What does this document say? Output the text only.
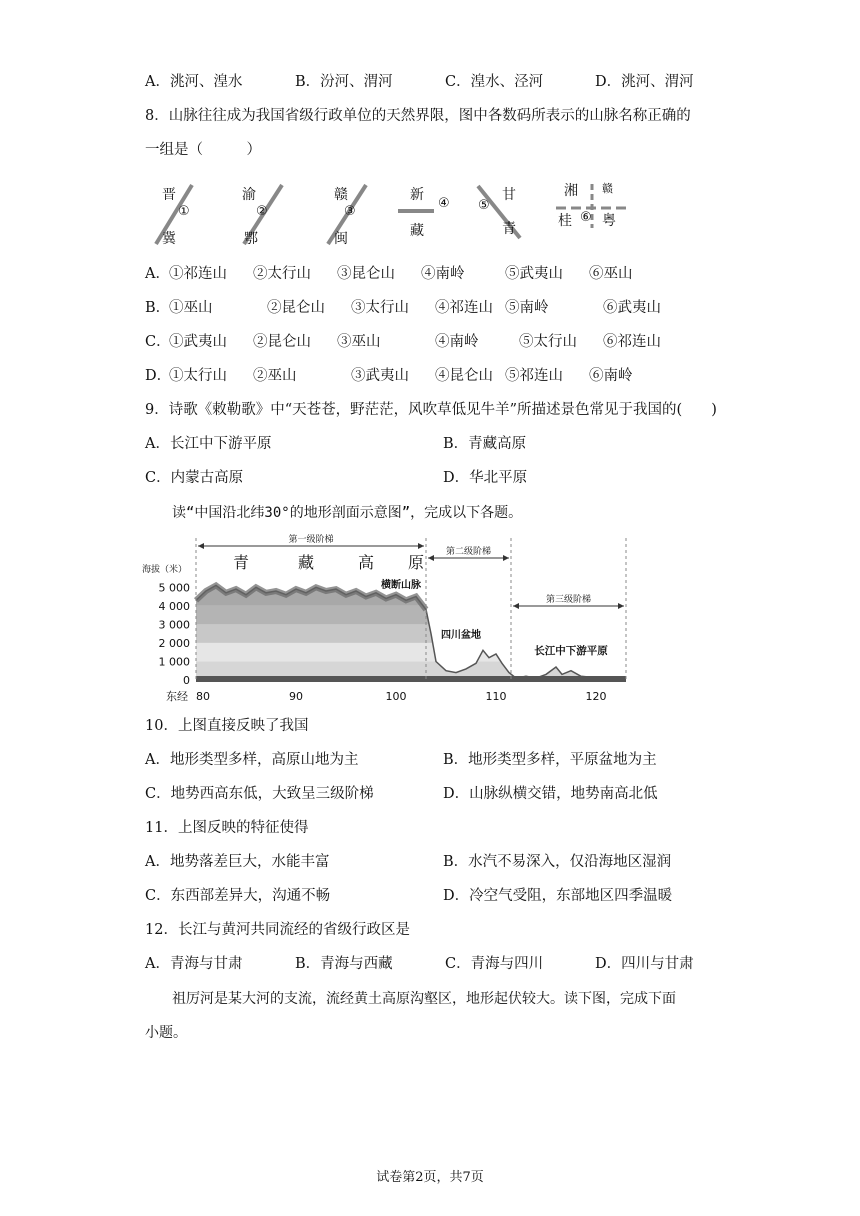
A．洮河、湟水	B．汾河、渭河	C．湟水、泾河	D．洮河、渭河
8．山脉往往成为我国省级行政单位的天然界限，图中各数码所表示的山脉名称正确的
一组是（　　　）
晋
①
冀
渝
②
鄂
赣
③
闽
新
④
藏
⑤
甘
青
湘 赣
桂 ⑥ 粤
A． ①祁连山 ②太行山 ③昆仑山 ④南岭	⑤武夷山 ⑥巫山
B．
①巫山	②昆仑山 ③太行山 ④祁连山 ⑤南岭	⑥武夷山
C．
①武夷山 ②昆仑山 ③巫山	④南岭	⑤太行山 ⑥祁连山
D．
①太行山 ②巫山	③武夷山 ④昆仑山 ⑤祁连山 ⑥南岭
9．诗歌《敕勒歌》中“天苍苍，野茫茫，风吹草低见牛羊”所描述景色常见于我国的(　　)
A．长江中下游平原	B．青藏高原
C．内蒙古高原	D．华北平原
读“中国沿北纬30°的地形剖面示意图”，完成以下各题。
第一级阶梯
第二级阶梯
第三级阶梯
青	藏	高 原
横断山脉
四川盆地
长江中下游平原
海拔（米）
5 000
4 000
3 000
2 000
1 000
0
东经 80	90	100	110	120
10．上图直接反映了我国
A．地形类型多样，高原山地为主	B．地形类型多样，平原盆地为主
C．地势西高东低，大致呈三级阶梯	D．山脉纵横交错，地势南高北低
11．上图反映的特征使得
A．地势落差巨大，水能丰富	B．水汽不易深入，仅沿海地区湿润
C．东西部差异大，沟通不畅	D．冷空气受阻，东部地区四季温暖
12．长江与黄河共同流经的省级行政区是
A．青海与甘肃	B．青海与西藏	C．青海与四川	D．四川与甘肃
祖厉河是某大河的支流，流经黄土高原沟壑区，地形起伏较大。读下图，完成下面
小题。
试卷第2页，共7页
